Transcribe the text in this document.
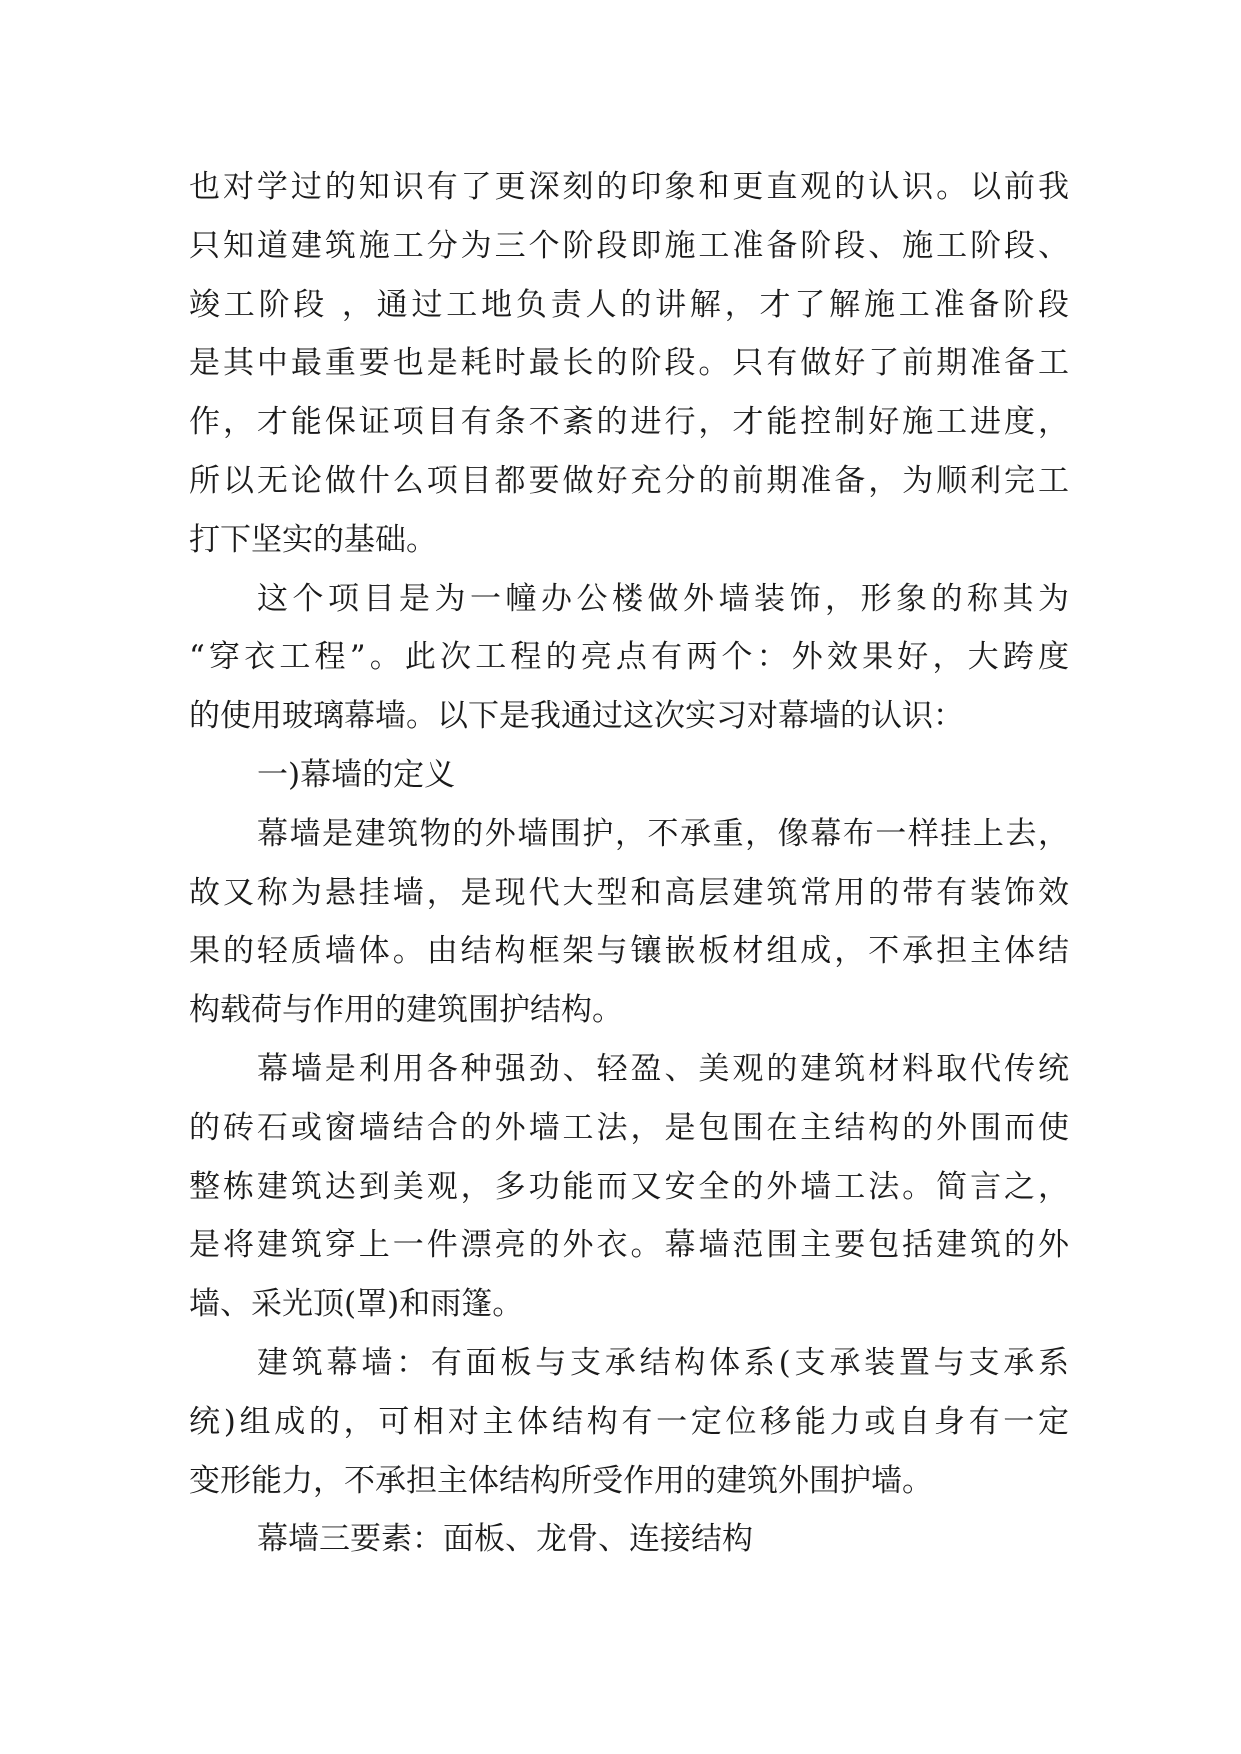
也对学过的知识有了更深刻的印象和更直观的认识。以前我
只知道建筑施工分为三个阶段即施工准备阶段、施工阶段、
竣工阶段 ，通过工地负责人的讲解，才了解施工准备阶段
是其中最重要也是耗时最长的阶段。只有做好了前期准备工
作，才能保证项目有条不紊的进行，才能控制好施工进度，
所以无论做什么项目都要做好充分的前期准备，为顺利完工
打下坚实的基础。
这个项目是为一幢办公楼做外墙装饰，形象的称其为
“穿衣工程”。此次工程的亮点有两个：外效果好，大跨度
的使用玻璃幕墙。以下是我通过这次实习对幕墙的认识：
一)幕墙的定义
幕墙是建筑物的外墙围护，不承重，像幕布一样挂上去，
故又称为悬挂墙，是现代大型和高层建筑常用的带有装饰效
果的轻质墙体。由结构框架与镶嵌板材组成，不承担主体结
构载荷与作用的建筑围护结构。
幕墙是利用各种强劲、轻盈、美观的建筑材料取代传统
的砖石或窗墙结合的外墙工法，是包围在主结构的外围而使
整栋建筑达到美观，多功能而又安全的外墙工法。简言之，
是将建筑穿上一件漂亮的外衣。幕墙范围主要包括建筑的外
墙、采光顶(罩)和雨篷。
建筑幕墙：有面板与支承结构体系(支承装置与支承系
统)组成的，可相对主体结构有一定位移能力或自身有一定
变形能力，不承担主体结构所受作用的建筑外围护墙。
幕墙三要素：面板、龙骨、连接结构
